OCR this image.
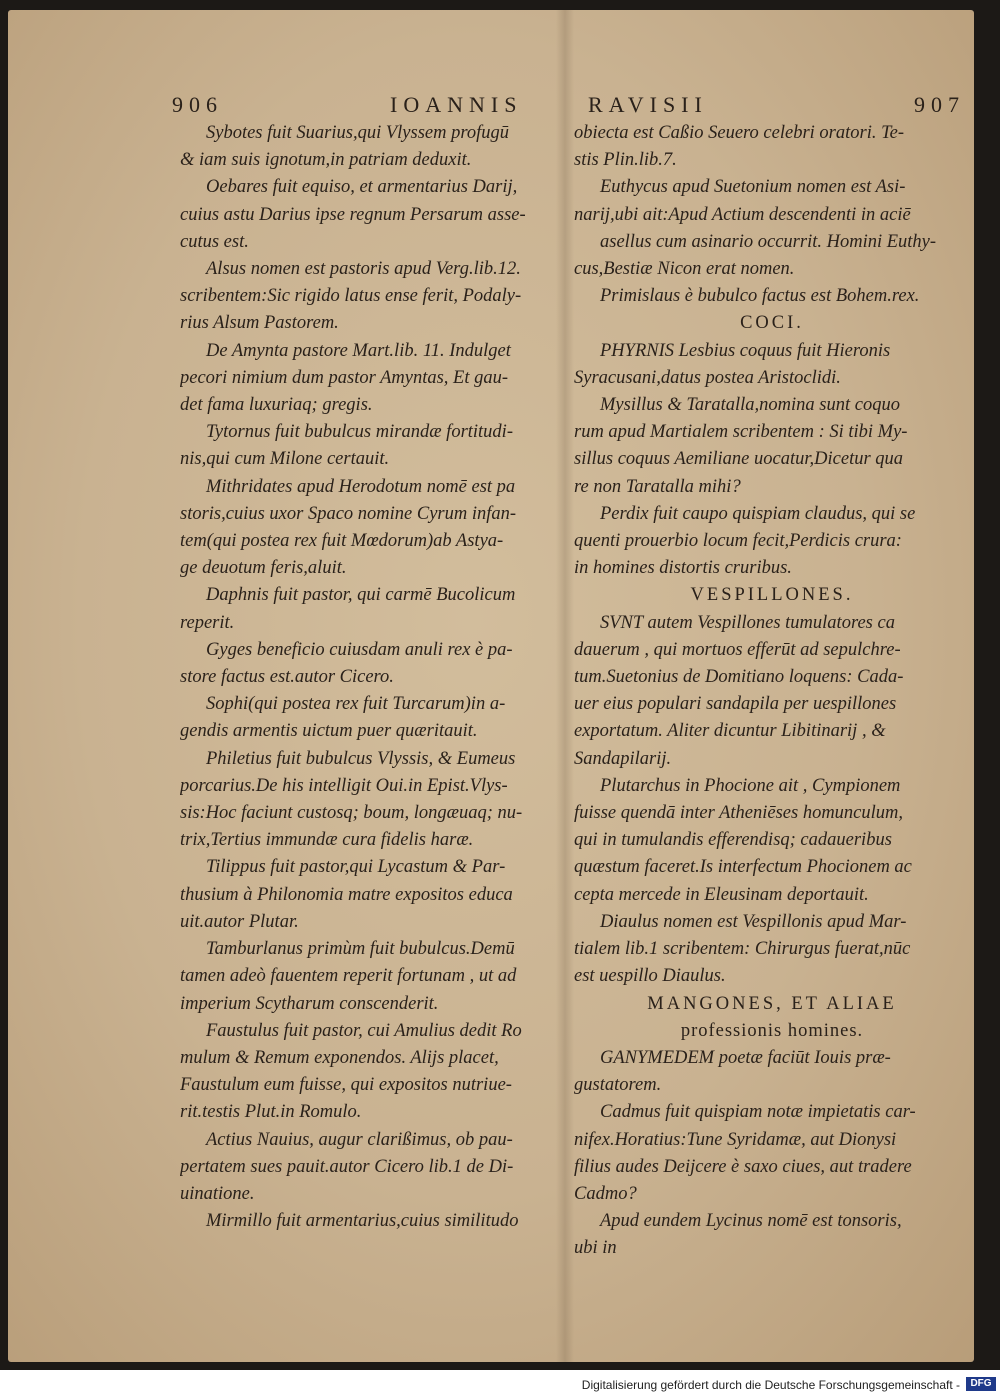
906	IOANNIS	RAVISII	907
Sybotes fuit Suarius,qui Vlyssem profugū
& iam suis ignotum,in patriam deduxit.
Oebares fuit equiso, et armentarius Darij,
cuius astu Darius ipse regnum Persarum asse-
cutus est.
Alsus nomen est pastoris apud Verg.lib.12.
scribentem:Sic rigido latus ense ferit, Podaly-
rius Alsum Pastorem.
De Amynta pastore Mart.lib. 11. Indulget
pecori nimium dum pastor Amyntas, Et gau-
det fama luxuriaq; gregis.
Tytornus fuit bubulcus mirandæ fortitudi-
nis,qui cum Milone certauit.
Mithridates apud Herodotum nomē est pa
storis,cuius uxor Spaco nomine Cyrum infan-
tem(qui postea rex fuit Mœdorum)ab Astya-
ge deuotum feris,aluit.
Daphnis fuit pastor, qui carmē Bucolicum
reperit.
Gyges beneficio cuiusdam anuli rex è pa-
store factus est.autor Cicero.
Sophi(qui postea rex fuit Turcarum)in a-
gendis armentis uictum puer quæritauit.
Philetius fuit bubulcus Vlyssis, & Eumeus
porcarius.De his intelligit Oui.in Epist.Vlys-
sis:Hoc faciunt custosq; boum, longæuaq; nu-
trix,Tertius immundæ cura fidelis haræ.
Tilippus fuit pastor,qui Lycastum & Par-
thusium à Philonomia matre expositos educa
uit.autor Plutar.
Tamburlanus primùm fuit bubulcus.Demū
tamen adeò fauentem reperit fortunam , ut ad
imperium Scytharum conscenderit.
Faustulus fuit pastor, cui Amulius dedit Ro
mulum & Remum exponendos. Alijs placet,
Faustulum eum fuisse, qui expositos nutriue-
rit.testis Plut.in Romulo.
Actius Nauius, augur clarißimus, ob pau-
pertatem sues pauit.autor Cicero lib.1 de Di-
uinatione.
Mirmillo fuit armentarius,cuius similitudo
obiecta est Caßio Seuero celebri oratori. Te-
stis Plin.lib.7.
Euthycus apud Suetonium nomen est Asi-
narij,ubi ait:Apud Actium descendenti in aciē
asellus cum asinario occurrit. Homini Euthy-
cus,Bestiæ Nicon erat nomen.
Primislaus è bubulco factus est Bohem.rex.
COCI.
PHYRNIS Lesbius coquus fuit Hieronis
Syracusani,datus postea Aristoclidi.
Mysillus & Taratalla,nomina sunt coquo
rum apud Martialem scribentem : Si tibi My-
sillus coquus Aemiliane uocatur,Dicetur qua
re non Taratalla mihi?
Perdix fuit caupo quispiam claudus, qui se
quenti prouerbio locum fecit,Perdicis crura:
in homines distortis cruribus.
VESPILLONES.
SVNT autem Vespillones tumulatores ca
dauerum , qui mortuos efferūt ad sepulchre-
tum.Suetonius de Domitiano loquens: Cada-
uer eius populari sandapila per uespillones
exportatum. Aliter dicuntur Libitinarij , &
Sandapilarij.
Plutarchus in Phocione ait , Cympionem
fuisse quendā inter Atheniēses homunculum,
qui in tumulandis efferendisq; cadaueribus
quæstum faceret.Is interfectum Phocionem ac
cepta mercede in Eleusinam deportauit.
Diaulus nomen est Vespillonis apud Mar-
tialem lib.1 scribentem: Chirurgus fuerat,nūc
est uespillo Diaulus.
MANGONES, ET ALIAE
professionis homines.
GANYMEDEM poetæ faciūt Iouis præ-
gustatorem.
Cadmus fuit quispiam notæ impietatis car-
nifex.Horatius:Tune Syridamæ, aut Dionysi
filius audes Deijcere è saxo ciues, aut tradere
Cadmo?
Apud eundem Lycinus nomē est tonsoris,
ubi in
Digitalisierung gefördert durch die Deutsche Forschungsgemeinschaft -	DFG
